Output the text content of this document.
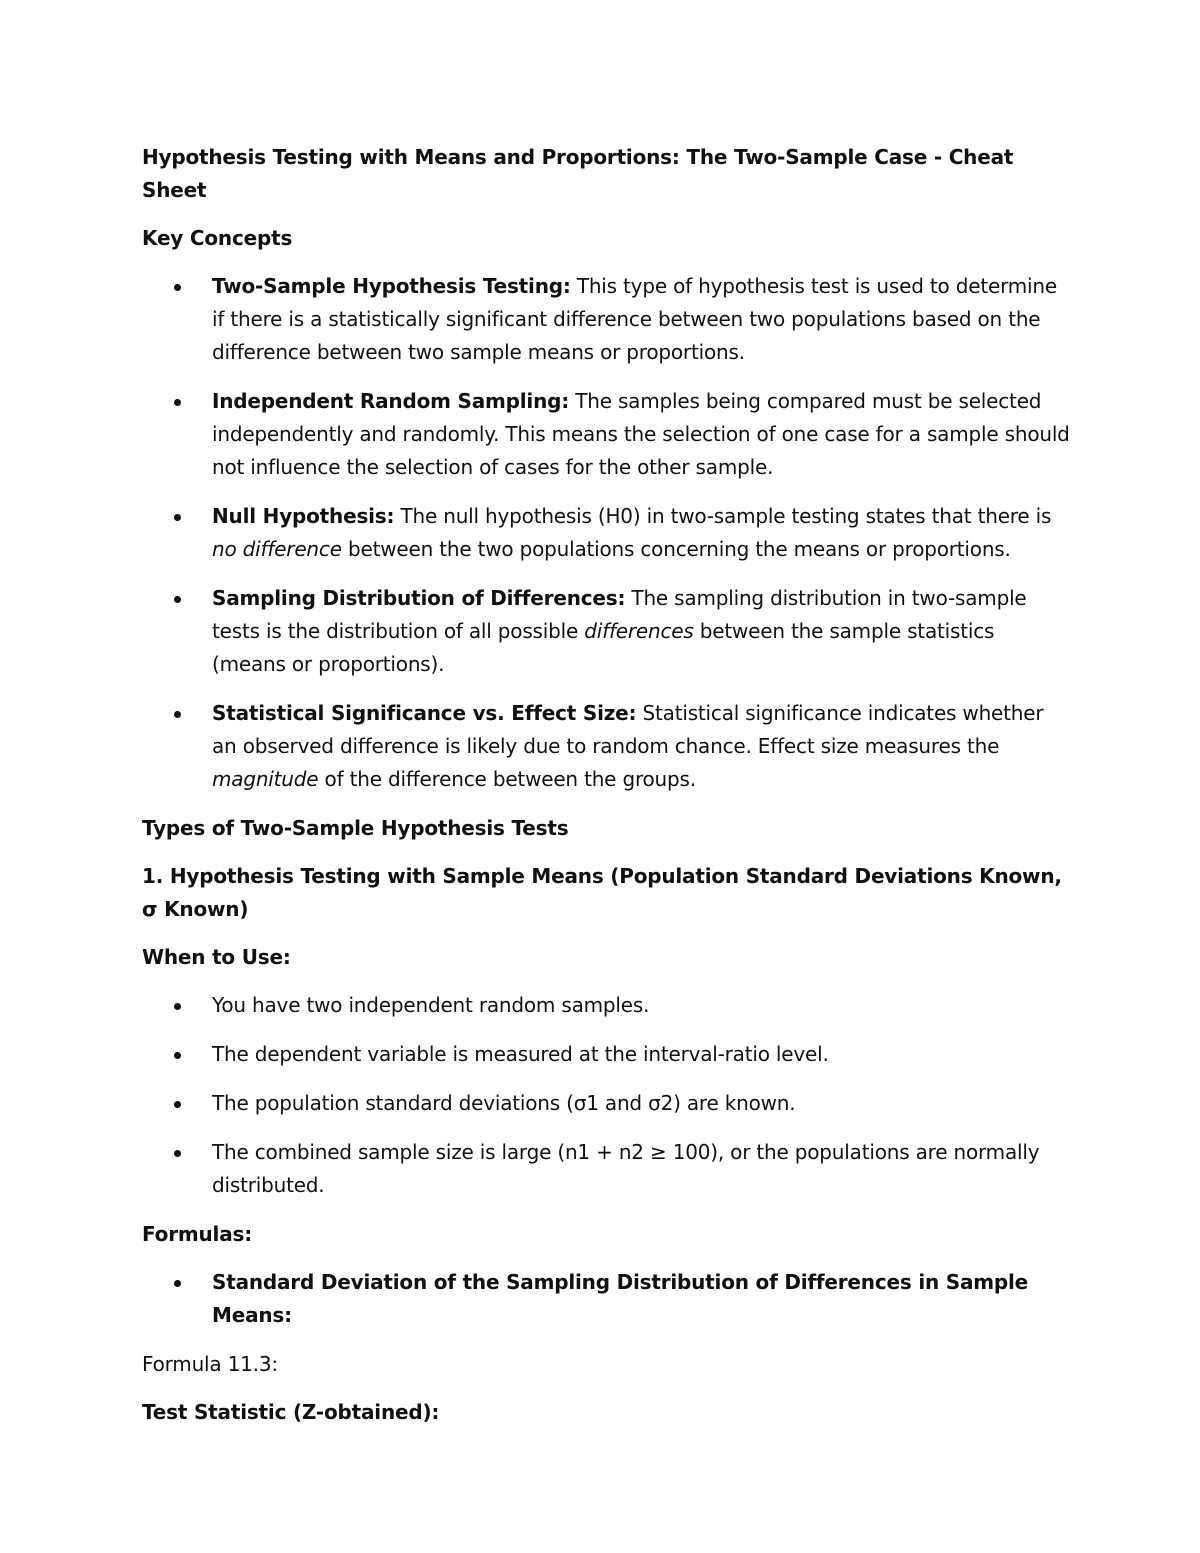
Hypothesis Testing with Means and Proportions: The Two-Sample Case - Cheat Sheet

Key Concepts

Two-Sample Hypothesis Testing: This type of hypothesis test is used to determine if there is a statistically significant difference between two populations based on the difference between two sample means or proportions.
Independent Random Sampling: The samples being compared must be selected independently and randomly. This means the selection of one case for a sample should not influence the selection of cases for the other sample.
Null Hypothesis: The null hypothesis (H0) in two-sample testing states that there is no difference between the two populations concerning the means or proportions.
Sampling Distribution of Differences: The sampling distribution in two-sample tests is the distribution of all possible differences between the sample statistics (means or proportions).
Statistical Significance vs. Effect Size: Statistical significance indicates whether an observed difference is likely due to random chance. Effect size measures the magnitude of the difference between the groups.

Types of Two-Sample Hypothesis Tests

1. Hypothesis Testing with Sample Means (Population Standard Deviations Known, σ Known)

When to Use:

You have two independent random samples.
The dependent variable is measured at the interval-ratio level.
The population standard deviations (σ1 and σ2) are known.
The combined sample size is large (n1 + n2 ≥ 100), or the populations are normally distributed.

Formulas:

Standard Deviation of the Sampling Distribution of Differences in Sample Means:

Formula 11.3:

Test Statistic (Z-obtained):
